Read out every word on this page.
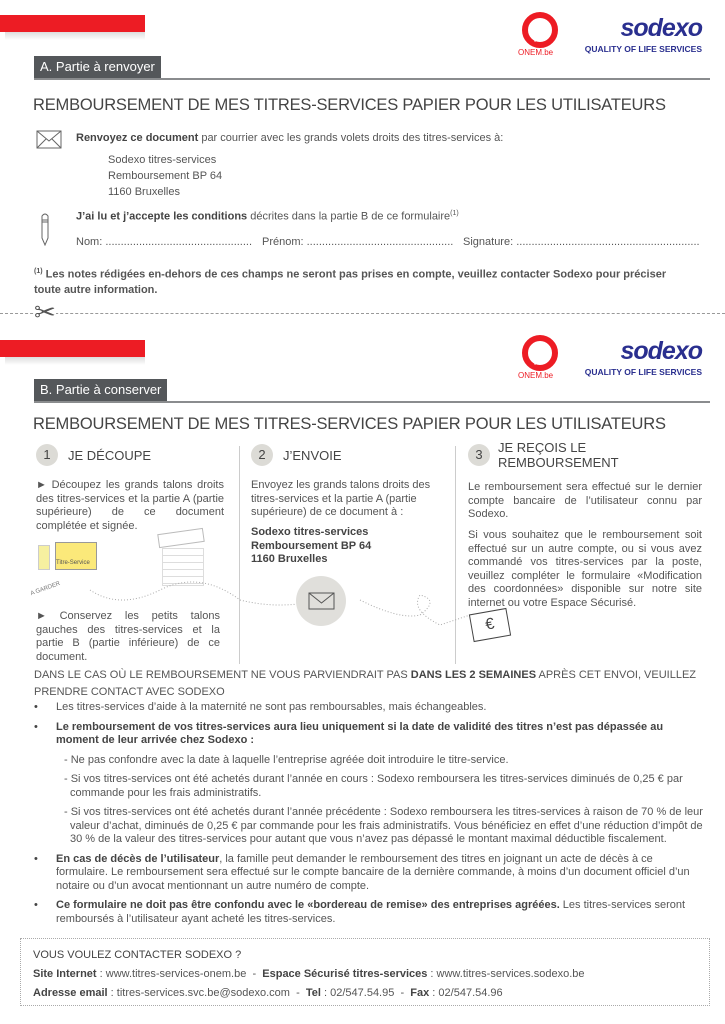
ONEM.be
sodexo
QUALITY OF LIFE SERVICES
A. Partie à renvoyer
REMBOURSEMENT DE MES TITRES-SERVICES PAPIER POUR LES UTILISATEURS
Renvoyez ce document par courrier avec les grands volets droits des titres-services à:
Sodexo titres-services
Remboursement BP 64
1160 Bruxelles
J’ai lu et j’accepte les conditions décrites dans la partie B de ce formulaire$^{(1)}$
Nom: ................................................ Prénom: ................................................ Signature: ............................................................
$^{(1)}$ Les notes rédigées en-dehors de ces champs ne seront pas prises en compte, veuillez contacter Sodexo pour préciser toute autre information.
✂
ONEM.be
sodexo
QUALITY OF LIFE SERVICES
B. Partie à conserver
REMBOURSEMENT DE MES TITRES-SERVICES PAPIER POUR LES UTILISATEURS
1	JE DÉCOUPE
► Découpez les grands talons droits des titres-services et la partie A (partie supérieure) de ce document complétée et signée.
Titre-Service
A GARDER
► Conservez les petits talons gauches des titres-services et la partie B (partie inférieure) de ce document.
2	J’ENVOIE
Envoyez les grands talons droits des titres-services et la partie A (partie supérieure) de ce document à :
Sodexo titres-services
Remboursement BP 64
1160 Bruxelles
3	JE REÇOIS LE REMBOURSEMENT
Le remboursement sera effectué sur le dernier compte bancaire de l’utilisateur connu par Sodexo.
Si vous souhaitez que le remboursement soit effectué sur un autre compte, ou si vous avez commandé vos titres-services par la poste, veuillez compléter le formulaire «Modification des coordonnées» disponible sur notre site internet ou votre Espace Sécurisé.
€
DANS LE CAS OÙ LE REMBOURSEMENT NE VOUS PARVIENDRAIT PAS DANS LES 2 SEMAINES APRÈS CET ENVOI, VEUILLEZ PRENDRE CONTACT AVEC SODEXO
• Les titres-services d’aide à la maternité ne sont pas remboursables, mais échangeables.
• Le remboursement de vos titres-services aura lieu uniquement si la date de validité des titres n’est pas dépassée au moment de leur arrivée chez Sodexo :
- Ne pas confondre avec la date à laquelle l’entreprise agréée doit introduire le titre-service.
- Si vos titres-services ont été achetés durant l’année en cours : Sodexo remboursera les titres-services diminués de 0,25 € par commande pour les frais administratifs.
- Si vos titres-services ont été achetés durant l’année précédente : Sodexo remboursera les titres-services à raison de 70 % de leur valeur d’achat, diminués de 0,25 € par commande pour les frais administratifs. Vous bénéficiez en effet d’une réduction d’impôt de 30 % de la valeur des titres-services pour autant que vous n’avez pas dépassé le montant maximal déductible fiscalement.
• En cas de décès de l’utilisateur, la famille peut demander le remboursement des titres en joignant un acte de décès à ce formulaire. Le remboursement sera effectué sur le compte bancaire de la dernière commande, à moins d’un document officiel d’un notaire ou d’un avocat mentionnant un autre numéro de compte.
• Ce formulaire ne doit pas être confondu avec le «bordereau de remise» des entreprises agréées. Les titres-services seront remboursés à l’utilisateur ayant acheté les titres-services.
VOUS VOULEZ CONTACTER SODEXO ?
Site Internet : www.titres-services-onem.be - Espace Sécurisé titres-services : www.titres-services.sodexo.be
Adresse email : titres-services.svc.be@sodexo.com - Tel : 02/547.54.95 - Fax : 02/547.54.96
